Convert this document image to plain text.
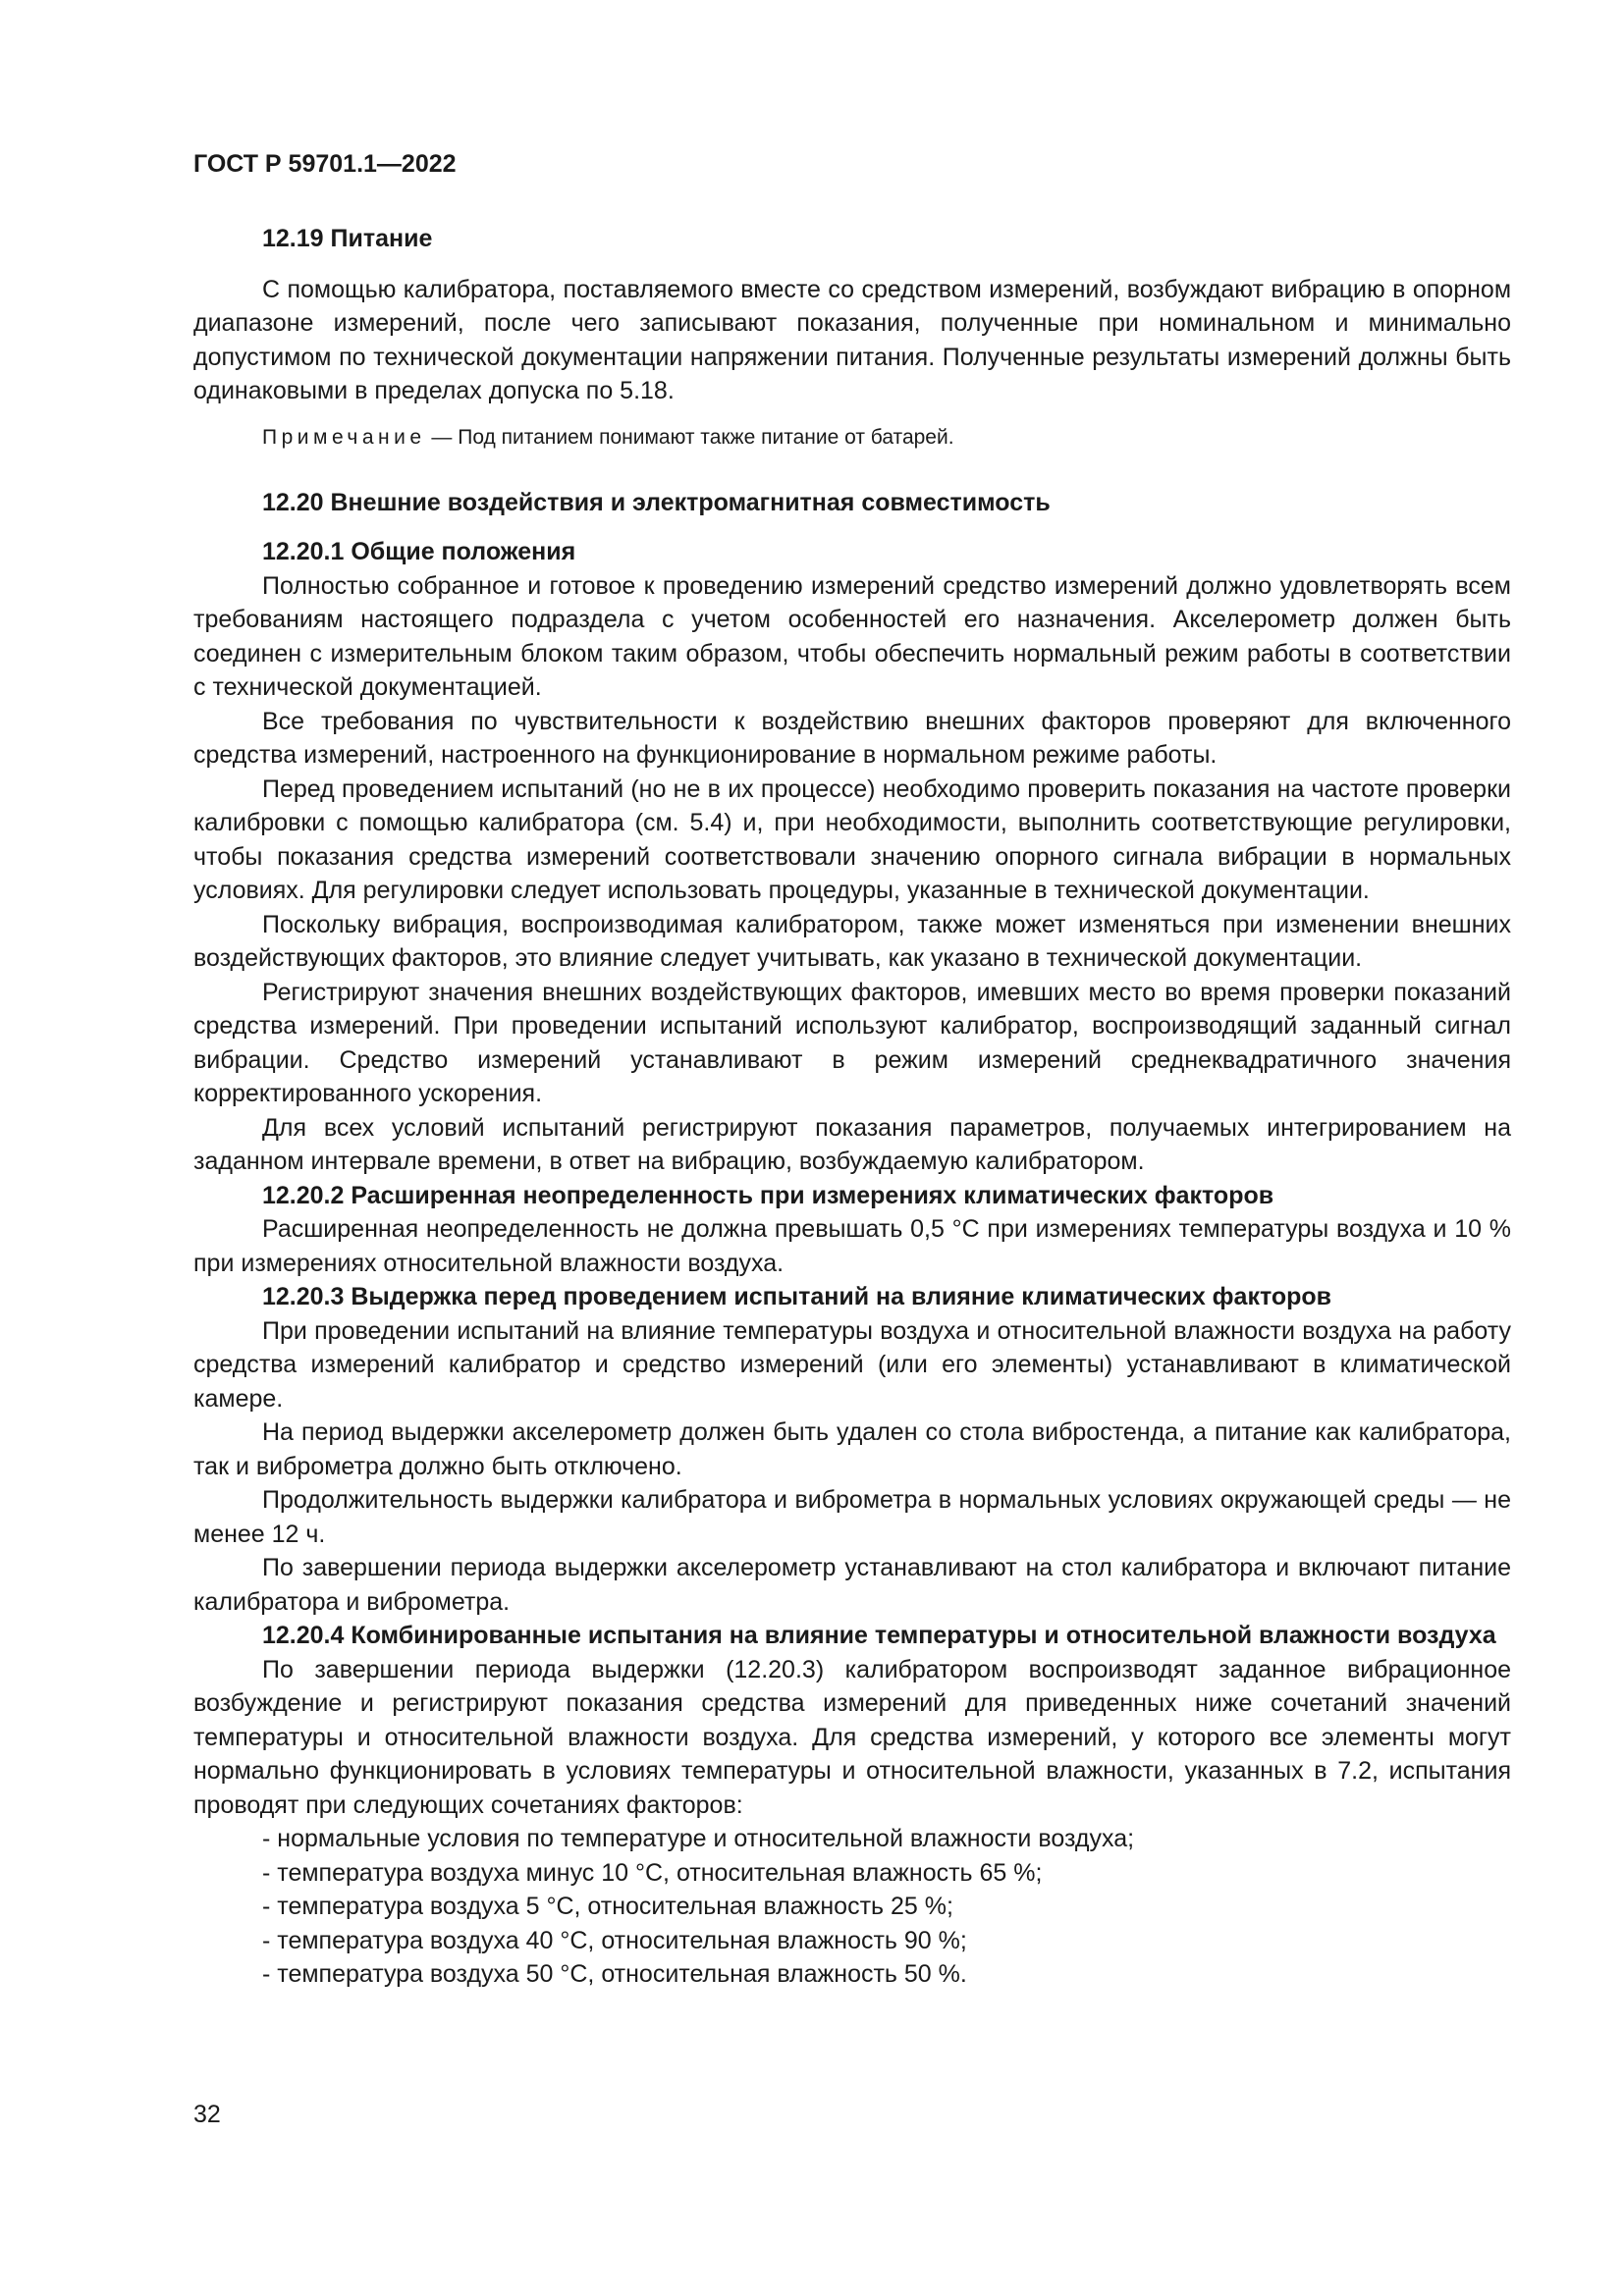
ГОСТ Р 59701.1—2022

12.19 Питание

С помощью калибратора, поставляемого вместе со средством измерений, возбуждают вибрацию в опорном диапазоне измерений, после чего записывают показания, полученные при номинальном и минимально допустимом по технической документации напряжении питания. Полученные результаты измерений должны быть одинаковыми в пределах допуска по 5.18.

Примечание — Под питанием понимают также питание от батарей.

12.20 Внешние воздействия и электромагнитная совместимость

12.20.1 Общие положения

Полностью собранное и готовое к проведению измерений средство измерений должно удовлетворять всем требованиям настоящего подраздела с учетом особенностей его назначения. Акселерометр должен быть соединен с измерительным блоком таким образом, чтобы обеспечить нормальный режим работы в соответствии с технической документацией.

Все требования по чувствительности к воздействию внешних факторов проверяют для включенного средства измерений, настроенного на функционирование в нормальном режиме работы.

Перед проведением испытаний (но не в их процессе) необходимо проверить показания на частоте проверки калибровки с помощью калибратора (см. 5.4) и, при необходимости, выполнить соответствующие регулировки, чтобы показания средства измерений соответствовали значению опорного сигнала вибрации в нормальных условиях. Для регулировки следует использовать процедуры, указанные в технической документации.

Поскольку вибрация, воспроизводимая калибратором, также может изменяться при изменении внешних воздействующих факторов, это влияние следует учитывать, как указано в технической документации.

Регистрируют значения внешних воздействующих факторов, имевших место во время проверки показаний средства измерений. При проведении испытаний используют калибратор, воспроизводящий заданный сигнал вибрации. Средство измерений устанавливают в режим измерений среднеквадратичного значения корректированного ускорения.

Для всех условий испытаний регистрируют показания параметров, получаемых интегрированием на заданном интервале времени, в ответ на вибрацию, возбуждаемую калибратором.

12.20.2 Расширенная неопределенность при измерениях климатических факторов

Расширенная неопределенность не должна превышать 0,5 °С при измерениях температуры воздуха и 10 % при измерениях относительной влажности воздуха.

12.20.3 Выдержка перед проведением испытаний на влияние климатических факторов

При проведении испытаний на влияние температуры воздуха и относительной влажности воздуха на работу средства измерений калибратор и средство измерений (или его элементы) устанавливают в климатической камере.

На период выдержки акселерометр должен быть удален со стола вибростенда, а питание как калибратора, так и виброметра должно быть отключено.

Продолжительность выдержки калибратора и виброметра в нормальных условиях окружающей среды — не менее 12 ч.

По завершении периода выдержки акселерометр устанавливают на стол калибратора и включают питание калибратора и виброметра.

12.20.4 Комбинированные испытания на влияние температуры и относительной влажности воздуха

По завершении периода выдержки (12.20.3) калибратором воспроизводят заданное вибрационное возбуждение и регистрируют показания средства измерений для приведенных ниже сочетаний значений температуры и относительной влажности воздуха. Для средства измерений, у которого все элементы могут нормально функционировать в условиях температуры и относительной влажности, указанных в 7.2, испытания проводят при следующих сочетаниях факторов:

- нормальные условия по температуре и относительной влажности воздуха;

- температура воздуха минус 10 °С, относительная влажность 65 %;

- температура воздуха 5 °С, относительная влажность 25 %;

- температура воздуха 40 °С, относительная влажность 90 %;

- температура воздуха 50 °С, относительная влажность 50 %.

32
